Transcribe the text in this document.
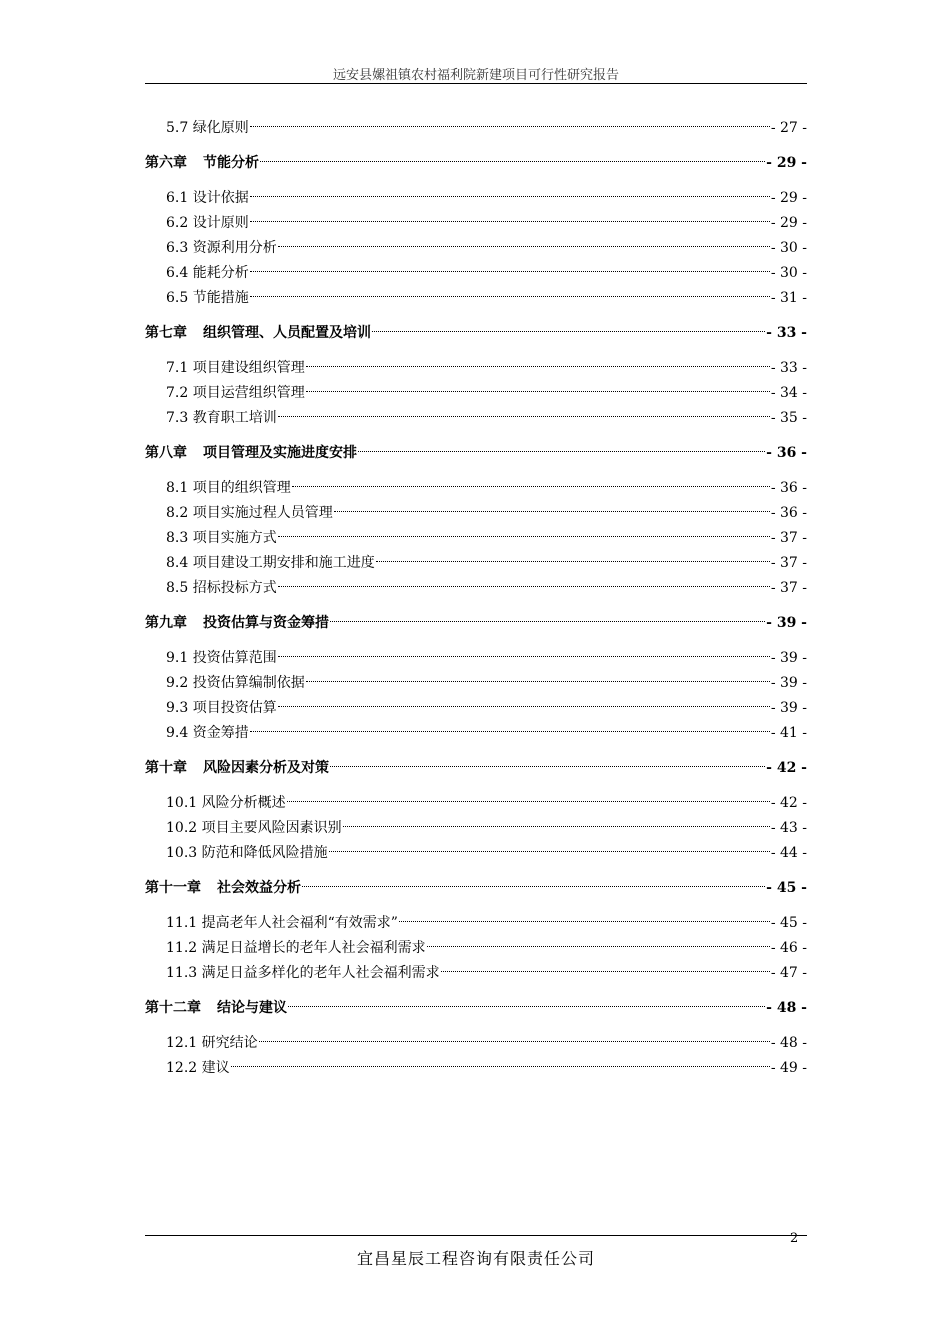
远安县嫘祖镇农村福利院新建项目可行性研究报告
5.7 绿化原则	- 27 -
第六章 节能分析	- 29 -
6.1 设计依据	- 29 -
6.2 设计原则	- 29 -
6.3 资源利用分析	- 30 -
6.4 能耗分析	- 30 -
6.5 节能措施	- 31 -
第七章 组织管理、人员配置及培训	- 33 -
7.1 项目建设组织管理	- 33 -
7.2 项目运营组织管理	- 34 -
7.3 教育职工培训	- 35 -
第八章 项目管理及实施进度安排	- 36 -
8.1 项目的组织管理	- 36 -
8.2 项目实施过程人员管理	- 36 -
8.3 项目实施方式	- 37 -
8.4 项目建设工期安排和施工进度	- 37 -
8.5 招标投标方式	- 37 -
第九章 投资估算与资金筹措	- 39 -
9.1 投资估算范围	- 39 -
9.2 投资估算编制依据	- 39 -
9.3 项目投资估算	- 39 -
9.4 资金筹措	- 41 -
第十章 风险因素分析及对策	- 42 -
10.1 风险分析概述	- 42 -
10.2 项目主要风险因素识别	- 43 -
10.3 防范和降低风险措施	- 44 -
第十一章 社会效益分析	- 45 -
11.1 提高老年人社会福利“有效需求”	- 45 -
11.2 满足日益增长的老年人社会福利需求	- 46 -
11.3 满足日益多样化的老年人社会福利需求	- 47 -
第十二章 结论与建议	- 48 -
12.1 研究结论	- 48 -
12.2 建议	- 49 -
2
宜昌星辰工程咨询有限责任公司
